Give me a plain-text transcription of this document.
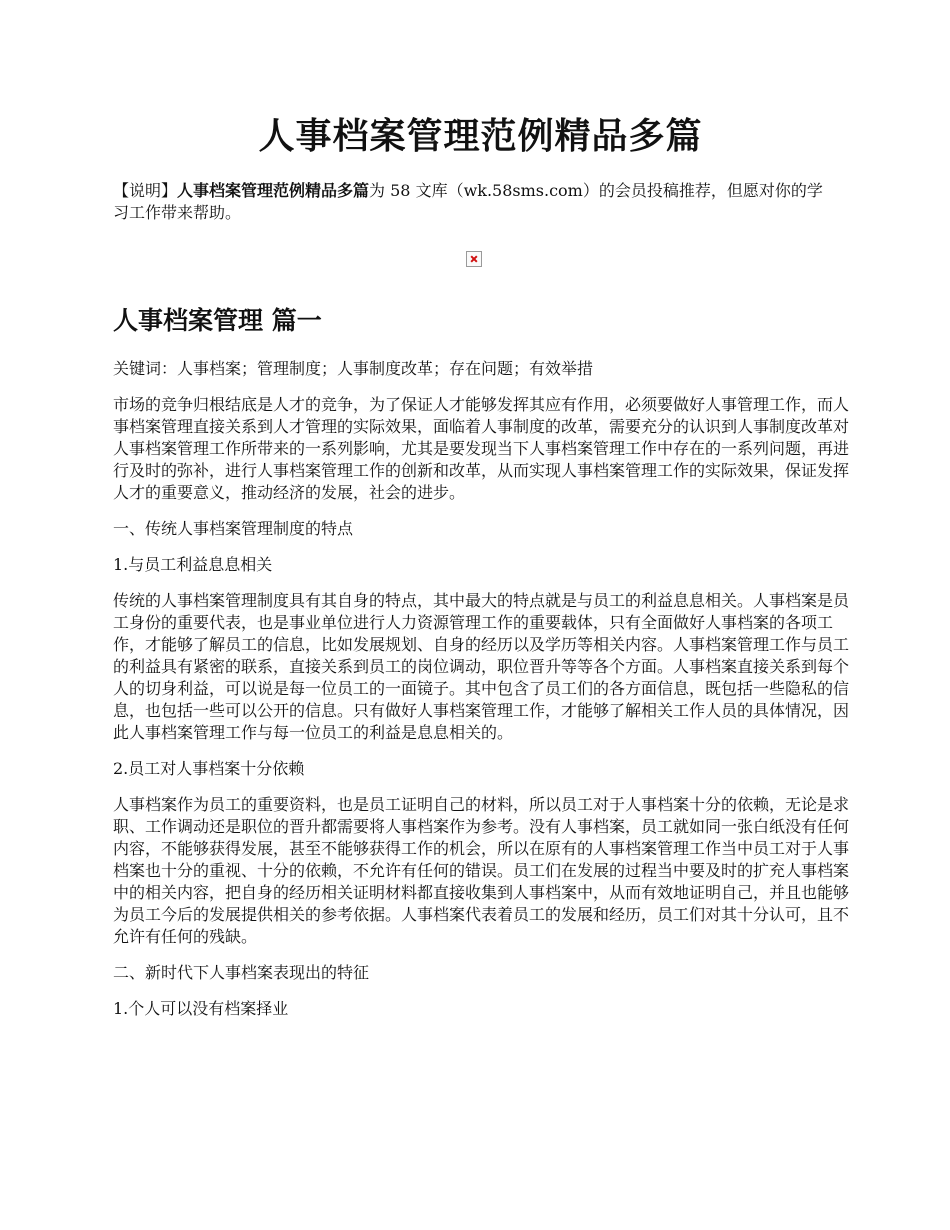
人事档案管理范例精品多篇

【说明】人事档案管理范例精品多篇为 58 文库（wk.58sms.com）的会员投稿推荐，但愿对你的学习工作带来帮助。

人事档案管理 篇一

关键词：人事档案；管理制度；人事制度改革；存在问题；有效举措

市场的竞争归根结底是人才的竞争，为了保证人才能够发挥其应有作用，必须要做好人事管理工作，而人事档案管理直接关系到人才管理的实际效果，面临着人事制度的改革，需要充分的认识到人事制度改革对人事档案管理工作所带来的一系列影响，尤其是要发现当下人事档案管理工作中存在的一系列问题，再进行及时的弥补，进行人事档案管理工作的创新和改革，从而实现人事档案管理工作的实际效果，保证发挥人才的重要意义，推动经济的发展，社会的进步。

一、传统人事档案管理制度的特点

1.与员工利益息息相关

传统的人事档案管理制度具有其自身的特点，其中最大的特点就是与员工的利益息息相关。人事档案是员工身份的重要代表，也是事业单位进行人力资源管理工作的重要载体，只有全面做好人事档案的各项工作，才能够了解员工的信息，比如发展规划、自身的经历以及学历等相关内容。人事档案管理工作与员工的利益具有紧密的联系，直接关系到员工的岗位调动，职位晋升等等各个方面。人事档案直接关系到每个人的切身利益，可以说是每一位员工的一面镜子。其中包含了员工们的各方面信息，既包括一些隐私的信息，也包括一些可以公开的信息。只有做好人事档案管理工作，才能够了解相关工作人员的具体情况，因此人事档案管理工作与每一位员工的利益是息息相关的。

2.员工对人事档案十分依赖

人事档案作为员工的重要资料，也是员工证明自己的材料，所以员工对于人事档案十分的依赖，无论是求职、工作调动还是职位的晋升都需要将人事档案作为参考。没有人事档案，员工就如同一张白纸没有任何内容，不能够获得发展，甚至不能够获得工作的机会，所以在原有的人事档案管理工作当中员工对于人事档案也十分的重视、十分的依赖，不允许有任何的错误。员工们在发展的过程当中要及时的扩充人事档案中的相关内容，把自身的经历相关证明材料都直接收集到人事档案中，从而有效地证明自己，并且也能够为员工今后的发展提供相关的参考依据。人事档案代表着员工的发展和经历，员工们对其十分认可，且不允许有任何的残缺。

二、新时代下人事档案表现出的特征

1.个人可以没有档案择业
